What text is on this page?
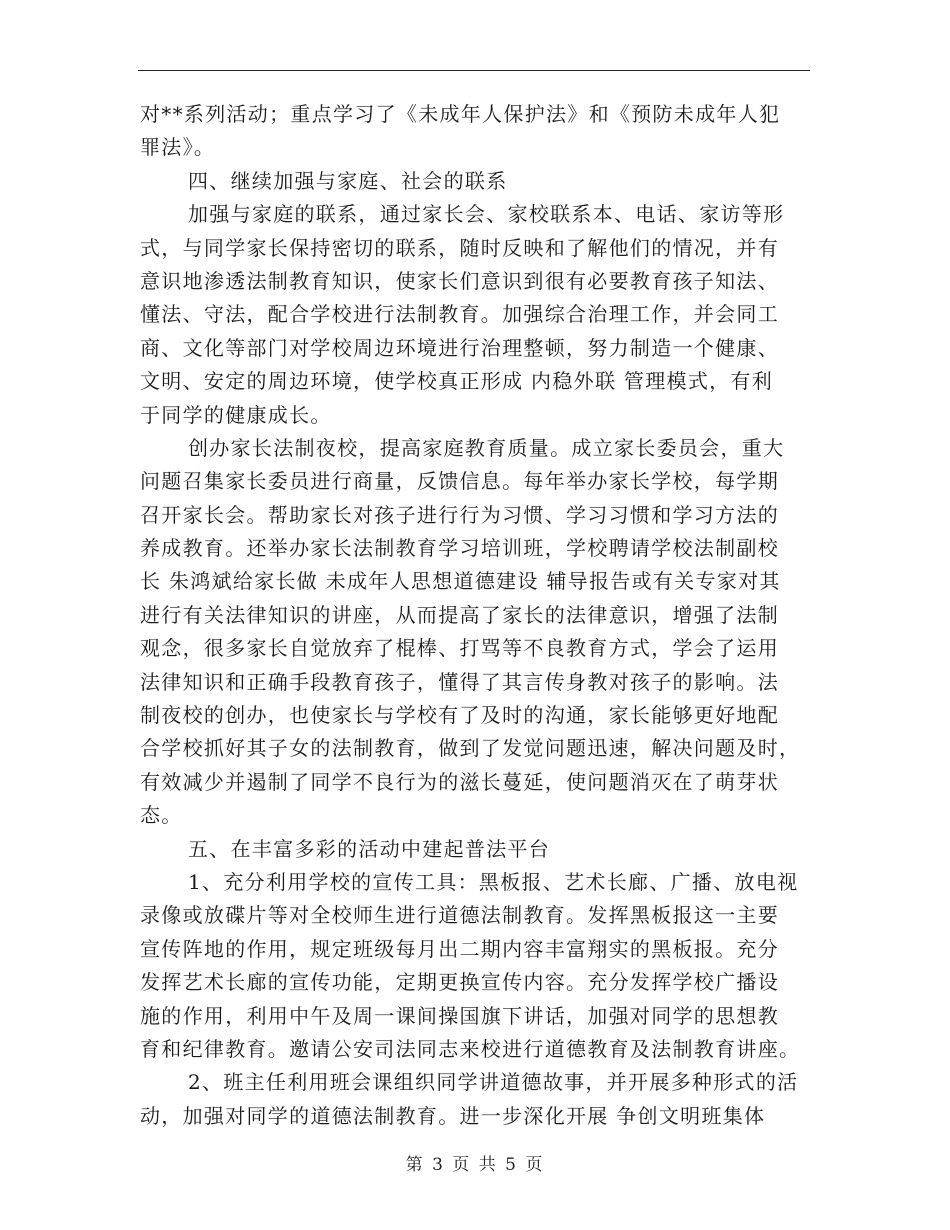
对**系列活动；重点学习了《未成年人保护法》和《预防未成年人犯
罪法》。
四、继续加强与家庭、社会的联系
加强与家庭的联系，通过家长会、家校联系本、电话、家访等形
式，与同学家长保持密切的联系，随时反映和了解他们的情况，并有
意识地渗透法制教育知识，使家长们意识到很有必要教育孩子知法、
懂法、守法，配合学校进行法制教育。加强综合治理工作，并会同工
商、文化等部门对学校周边环境进行治理整顿，努力制造一个健康、
文明、安定的周边环境，使学校真正形成 内稳外联 管理模式，有利
于同学的健康成长。
创办家长法制夜校，提高家庭教育质量。成立家长委员会，重大
问题召集家长委员进行商量，反馈信息。每年举办家长学校，每学期
召开家长会。帮助家长对孩子进行行为习惯、学习习惯和学习方法的
养成教育。还举办家长法制教育学习培训班，学校聘请学校法制副校
长 朱鸿斌给家长做 未成年人思想道德建设 辅导报告或有关专家对其
进行有关法律知识的讲座，从而提高了家长的法律意识，增强了法制
观念，很多家长自觉放弃了棍棒、打骂等不良教育方式，学会了运用
法律知识和正确手段教育孩子，懂得了其言传身教对孩子的影响。法
制夜校的创办，也使家长与学校有了及时的沟通，家长能够更好地配
合学校抓好其子女的法制教育，做到了发觉问题迅速，解决问题及时，
有效减少并遏制了同学不良行为的滋长蔓延，使问题消灭在了萌芽状
态。
五、在丰富多彩的活动中建起普法平台
1、充分利用学校的宣传工具：黑板报、艺术长廊、广播、放电视
录像或放碟片等对全校师生进行道德法制教育。发挥黑板报这一主要
宣传阵地的作用，规定班级每月出二期内容丰富翔实的黑板报。充分
发挥艺术长廊的宣传功能，定期更换宣传内容。充分发挥学校广播设
施的作用，利用中午及周一课间操国旗下讲话，加强对同学的思想教
育和纪律教育。邀请公安司法同志来校进行道德教育及法制教育讲座。
2、班主任利用班会课组织同学讲道德故事，并开展多种形式的活
动，加强对同学的道德法制教育。进一步深化开展 争创文明班集体
第 3 页 共 5 页
